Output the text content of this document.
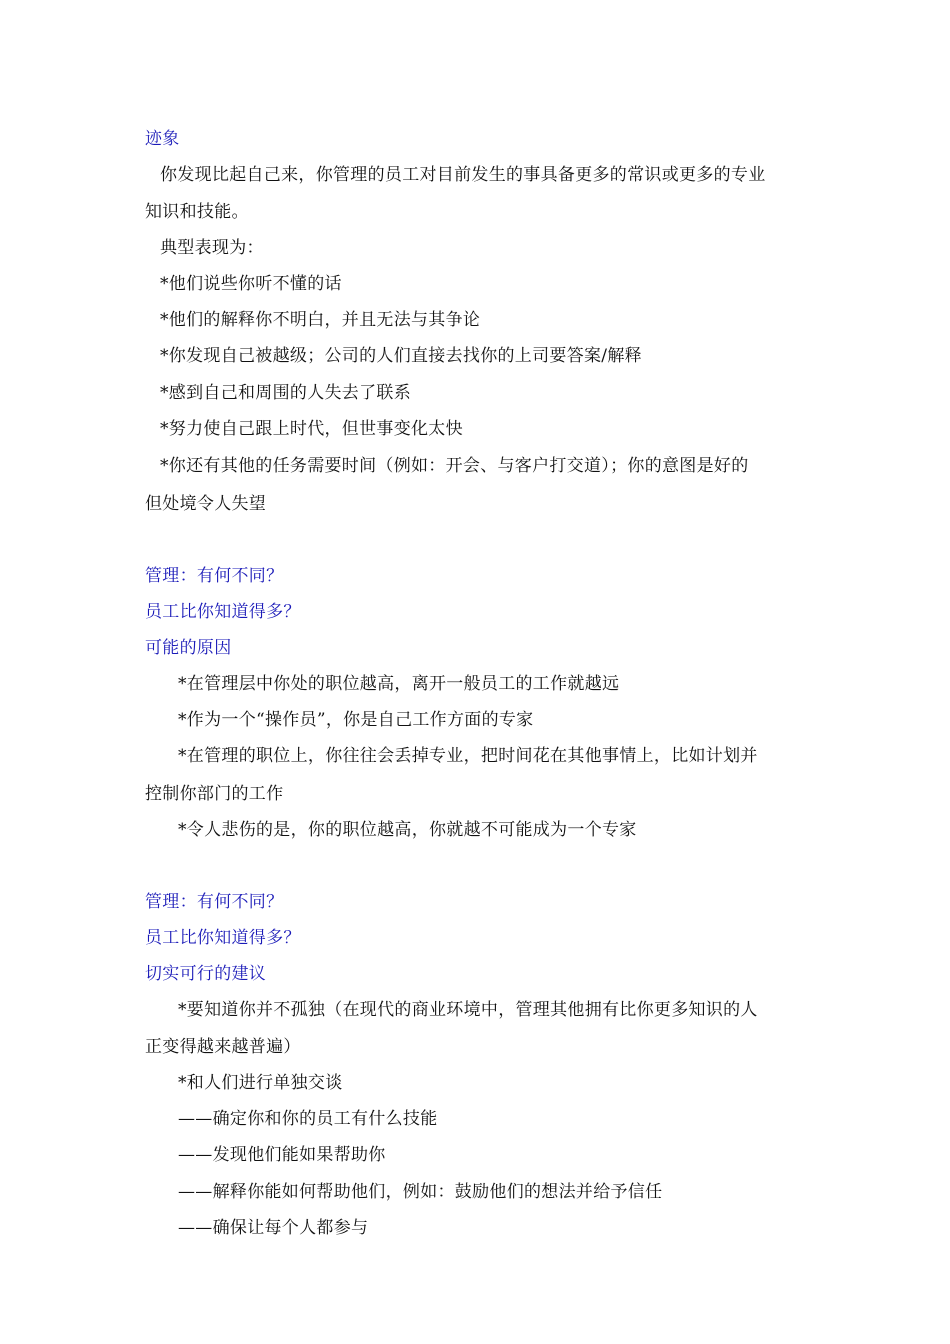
迹象
你发现比起自己来，你管理的员工对目前发生的事具备更多的常识或更多的专业
知识和技能。
典型表现为：
*他们说些你听不懂的话
*他们的解释你不明白，并且无法与其争论
*你发现自己被越级；公司的人们直接去找你的上司要答案/解释
*感到自己和周围的人失去了联系
*努力使自己跟上时代，但世事变化太快
*你还有其他的任务需要时间（例如：开会、与客户打交道）；你的意图是好的
但处境令人失望
管理：有何不同？
员工比你知道得多？
可能的原因
*在管理层中你处的职位越高，离开一般员工的工作就越远
*作为一个“操作员”，你是自己工作方面的专家
*在管理的职位上，你往往会丢掉专业，把时间花在其他事情上，比如计划并
控制你部门的工作
*令人悲伤的是，你的职位越高，你就越不可能成为一个专家
管理：有何不同？
员工比你知道得多？
切实可行的建议
*要知道你并不孤独（在现代的商业环境中，管理其他拥有比你更多知识的人
正变得越来越普遍）
*和人们进行单独交谈
——确定你和你的员工有什么技能
——发现他们能如果帮助你
——解释你能如何帮助他们，例如：鼓励他们的想法并给予信任
——确保让每个人都参与
